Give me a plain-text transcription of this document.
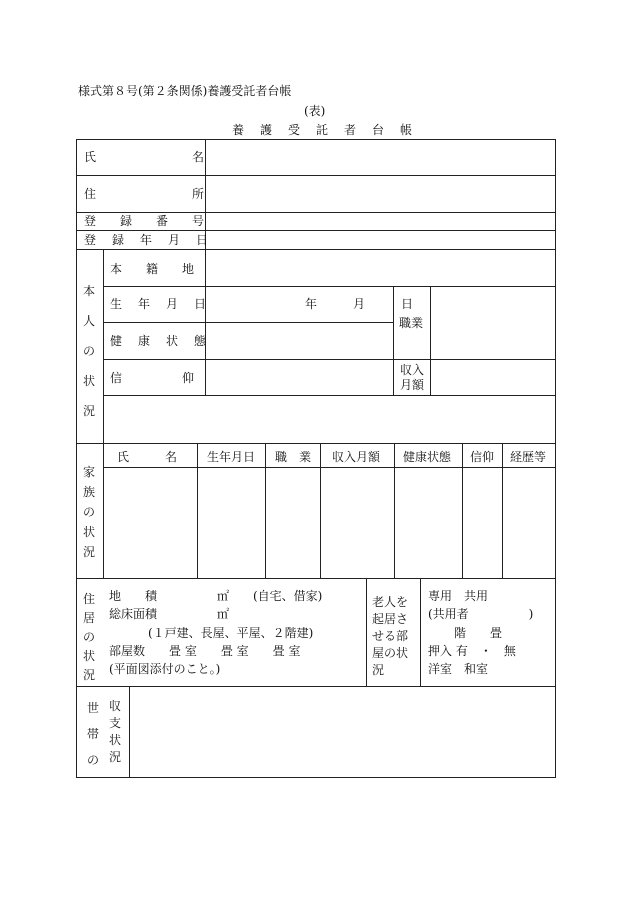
様式第８号(第２条関係)養護受託者台帳
(表)
養　護　受　託　者　台　帳
氏　　　　　　　　名
住　　　　　　　　所
登　　録　　番　　号
登　録　年　月　日
本人の状況
本　　籍　　地
生　年　月　日	年　　　月　　　日
職業
健　康　状　態
信　　　　　仰
収入月額
家族の状況
氏　　　名 生年月日 職　業 収入月額 健康状態 信仰 経歴等
住居の状況
地　　積　　　　　㎡　　(自宅、借家)
総床面積　　　　　㎡
(１戸建、長屋、平屋、２階建)
部屋数　　畳 室　　畳 室　　畳 室
(平面図添付のこと。)
老人を起居させる部屋の状況
専用　共用
(共用者　　　　　)
階　　畳
押入 有　・　無
洋室　和室
世帯の
収支状況
